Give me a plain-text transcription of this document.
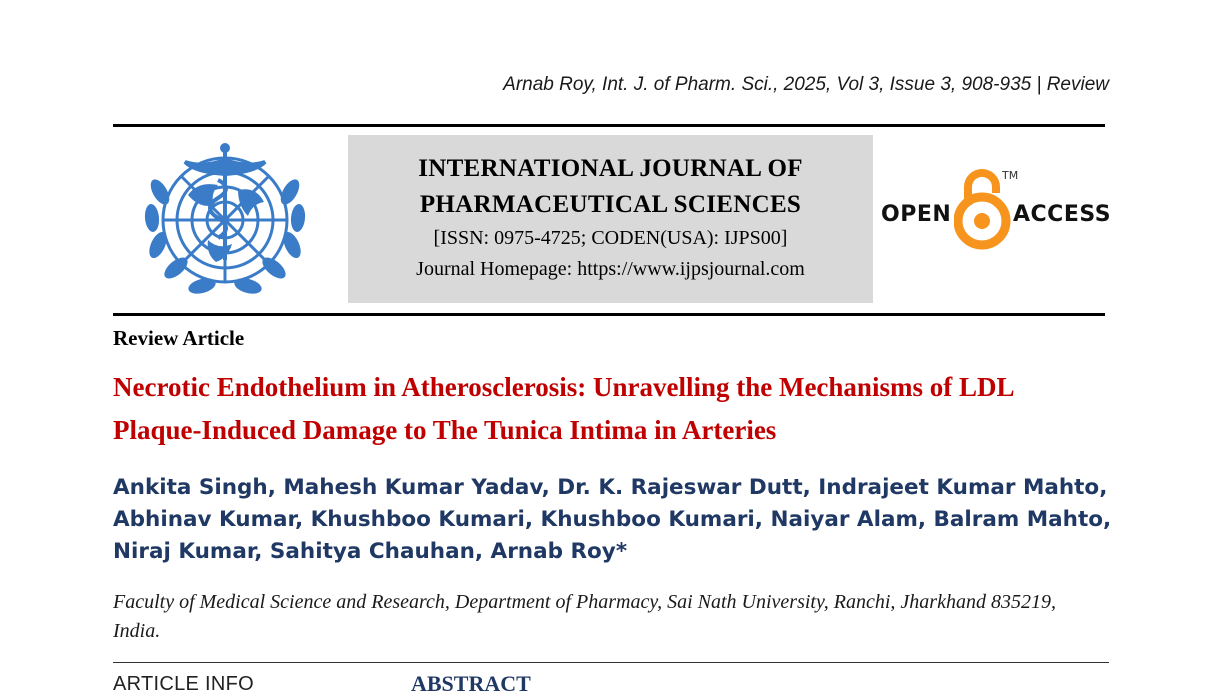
Arnab Roy, Int. J. of Pharm. Sci., 2025, Vol 3, Issue 3, 908-935 | Review
INTERNATIONAL JOURNAL OF
PHARMACEUTICAL SCIENCES
[ISSN: 0975-4725; CODEN(USA): IJPS00]
Journal Homepage: https://www.ijpsjournal.com
OPEN
TM
ACCESS
Review Article
Necrotic Endothelium in Atherosclerosis: Unravelling the Mechanisms of LDL Plaque-Induced Damage to The Tunica Intima in Arteries
Ankita Singh, Mahesh Kumar Yadav, Dr. K. Rajeswar Dutt, Indrajeet Kumar Mahto, Abhinav Kumar, Khushboo Kumari, Khushboo Kumari, Naiyar Alam, Balram Mahto, Niraj Kumar, Sahitya Chauhan, Arnab Roy*
Faculty of Medical Science and Research, Department of Pharmacy, Sai Nath University, Ranchi, Jharkhand 835219, India.
ARTICLE INFO	ABSTRACT
